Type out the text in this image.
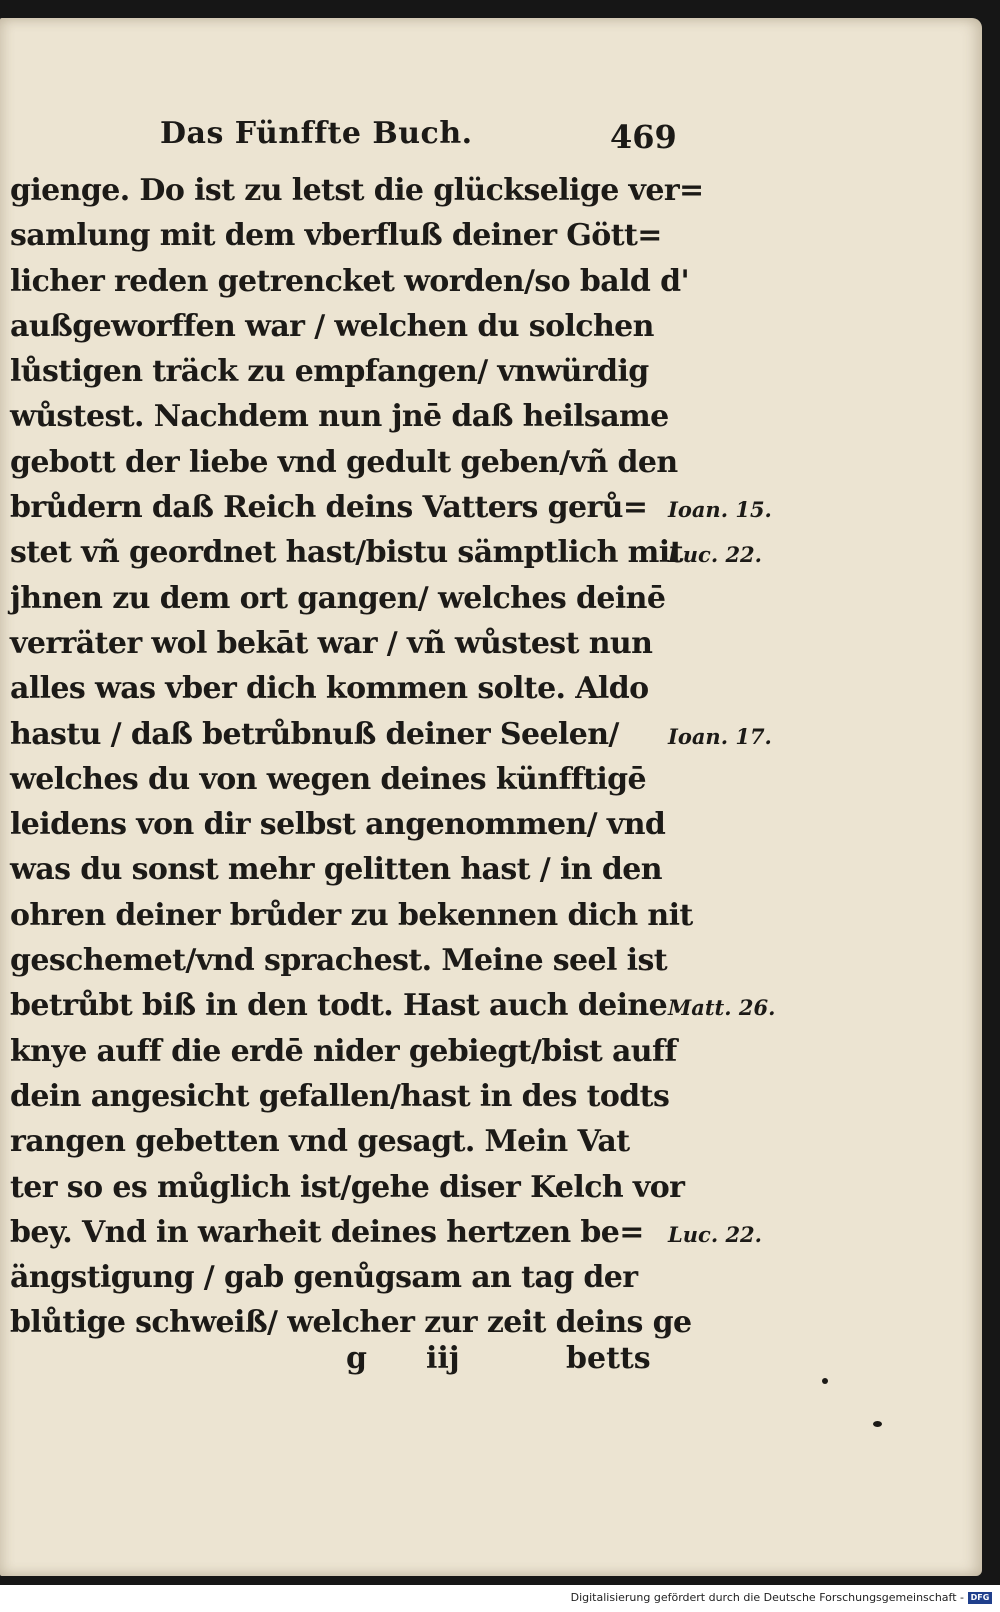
Das Fünffte Buch.	469
gienge. Do ist zu letst die glückselige ver=
samlung mit dem vberfluß deiner Gött=
licher reden getrencket worden/so bald d'
außgeworffen war / welchen du solchen
lůstigen träck zu empfangen/ vnwürdig
wůstest. Nachdem nun jnē daß heilsame
gebott der liebe vnd gedult geben/vñ den
brůdern daß Reich deins Vatters gerů=
stet vñ geordnet hast/bistu sämptlich mit
jhnen zu dem ort gangen/ welches deinē
verräter wol bekāt war / vñ wůstest nun
alles was vber dich kommen solte. Aldo
hastu / daß betrůbnuß deiner Seelen/
welches du von wegen deines künfftigē
leidens von dir selbst angenommen/ vnd
was du sonst mehr gelitten hast / in den
ohren deiner brůder zu bekennen dich nit
geschemet/vnd sprachest. Meine seel ist
betrůbt biß in den todt. Hast auch deine
knye auff die erdē nider gebiegt/bist auff
dein angesicht gefallen/hast in des todts
rangen gebetten vnd gesagt. Mein Vat
ter so es můglich ist/gehe diser Kelch vor
bey. Vnd in warheit deines hertzen be=
ängstigung / gab genůgsam an tag der
blůtige schweiß/ welcher zur zeit deins ge
Ioan. 15.
Luc. 22.
Ioan. 17.
Matt. 26.
Luc. 22.
g iij	betts
Digitalisierung gefördert durch die Deutsche Forschungsgemeinschaft - DFG
